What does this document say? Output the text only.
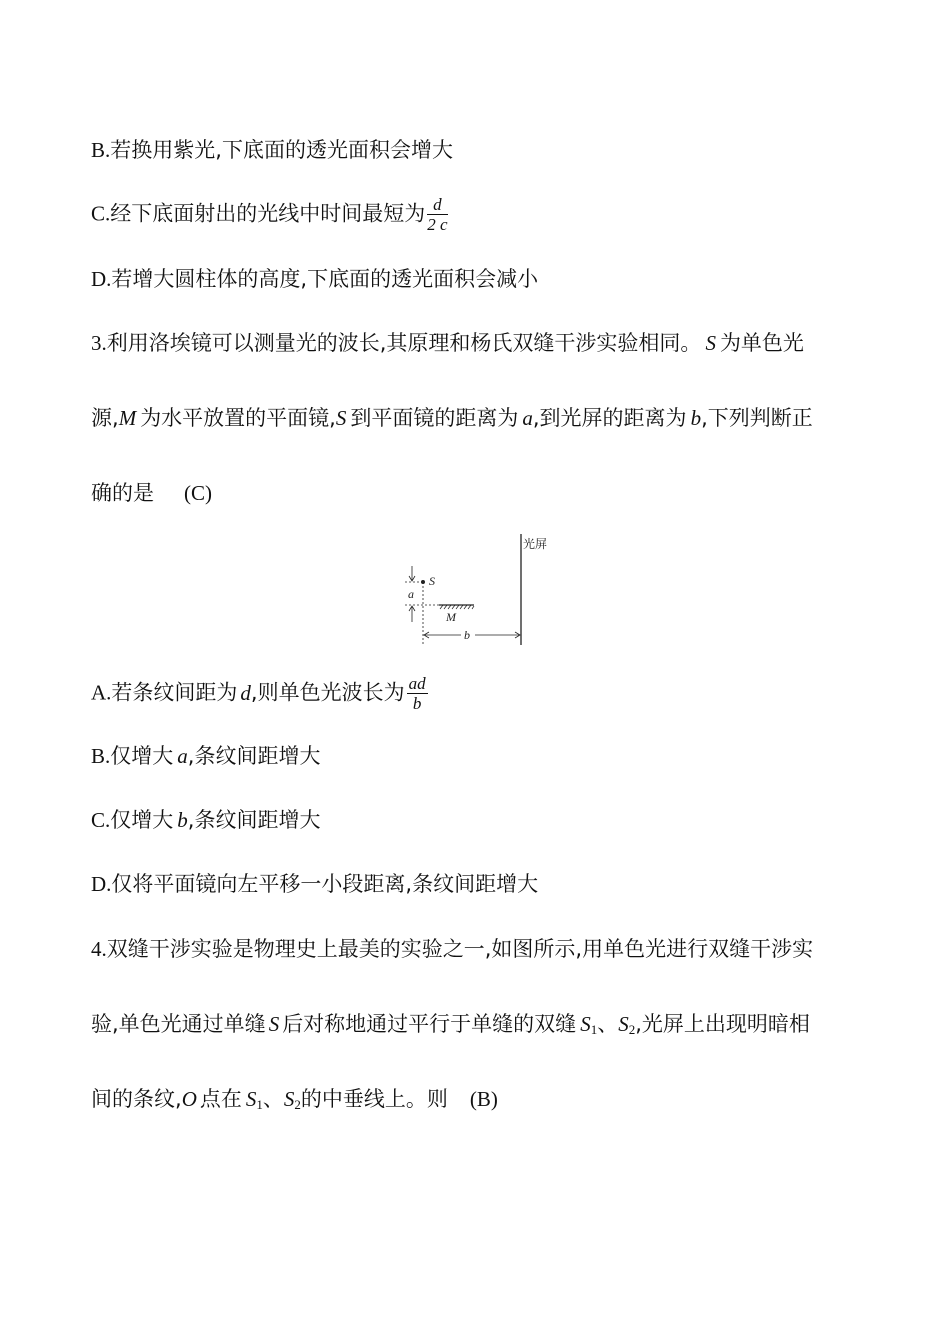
B.若换用紫光,下底面的透光面积会增大
C.经下底面射出的光线中时间最短为 $\frac{d}{2 c}$
D.若增大圆柱体的高度,下底面的透光面积会减小
3.利用洛埃镜可以测量光的波长,其原理和杨氏双缝干涉实验相同。 S 为单色光
源,M 为水平放置的平面镜,S 到平面镜的距离为 a,到光屏的距离为 b,下列判断正
确的是 (C)
光屏
S
a
M
b
A.若条纹间距为 d,则单色光波长为 $\frac{ad}{b}$
B.仅增大 a,条纹间距增大
C.仅增大 b,条纹间距增大
D.仅将平面镜向左平移一小段距离,条纹间距增大
4.双缝干涉实验是物理史上最美的实验之一,如图所示,用单色光进行双缝干涉实
验,单色光通过单缝 S 后对称地通过平行于单缝的双缝 $S_1$、$S_2$,光屏上出现明暗相
间的条纹,O 点在 $S_1$、$S_2$的中垂线上。则 (B)
